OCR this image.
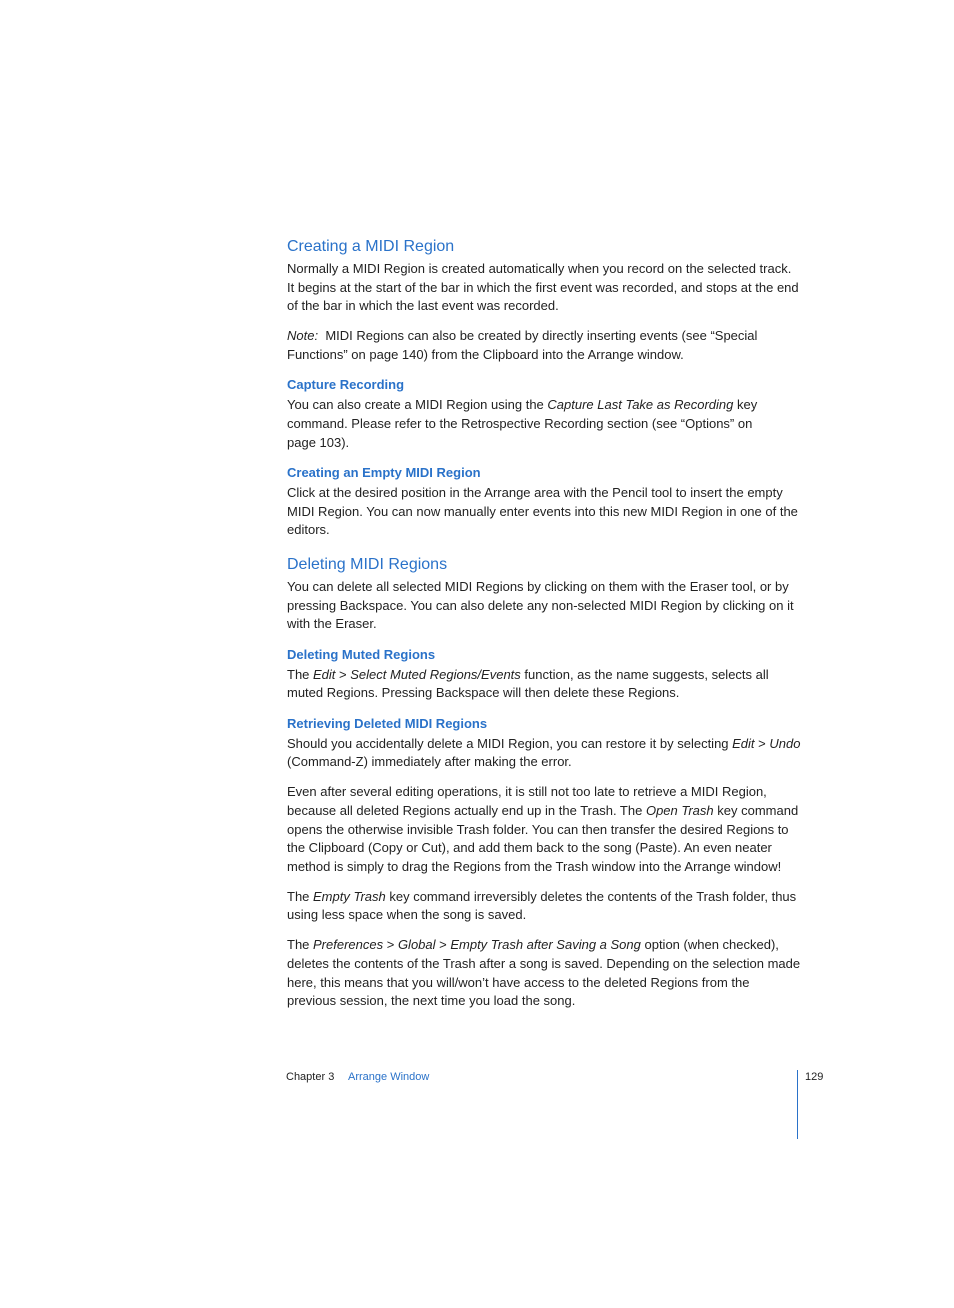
Creating a MIDI Region

Normally a MIDI Region is created automatically when you record on the selected track. It begins at the start of the bar in which the first event was recorded, and stops at the end of the bar in which the last event was recorded.

Note: MIDI Regions can also be created by directly inserting events (see “Special Functions” on page 140) from the Clipboard into the Arrange window.

Capture Recording

You can also create a MIDI Region using the Capture Last Take as Recording key command. Please refer to the Retrospective Recording section (see “Options” on page 103).

Creating an Empty MIDI Region

Click at the desired position in the Arrange area with the Pencil tool to insert the empty MIDI Region. You can now manually enter events into this new MIDI Region in one of the editors.

Deleting MIDI Regions

You can delete all selected MIDI Regions by clicking on them with the Eraser tool, or by pressing Backspace. You can also delete any non-selected MIDI Region by clicking on it with the Eraser.

Deleting Muted Regions

The Edit > Select Muted Regions/Events function, as the name suggests, selects all muted Regions. Pressing Backspace will then delete these Regions.

Retrieving Deleted MIDI Regions

Should you accidentally delete a MIDI Region, you can restore it by selecting Edit > Undo (Command-Z) immediately after making the error.

Even after several editing operations, it is still not too late to retrieve a MIDI Region, because all deleted Regions actually end up in the Trash. The Open Trash key command opens the otherwise invisible Trash folder. You can then transfer the desired Regions to the Clipboard (Copy or Cut), and add them back to the song (Paste). An even neater method is simply to drag the Regions from the Trash window into the Arrange window!

The Empty Trash key command irreversibly deletes the contents of the Trash folder, thus using less space when the song is saved.

The Preferences > Global > Empty Trash after Saving a Song option (when checked), deletes the contents of the Trash after a song is saved. Depending on the selection made here, this means that you will/won’t have access to the deleted Regions from the previous session, the next time you load the song.

Chapter 3 Arrange Window	129
